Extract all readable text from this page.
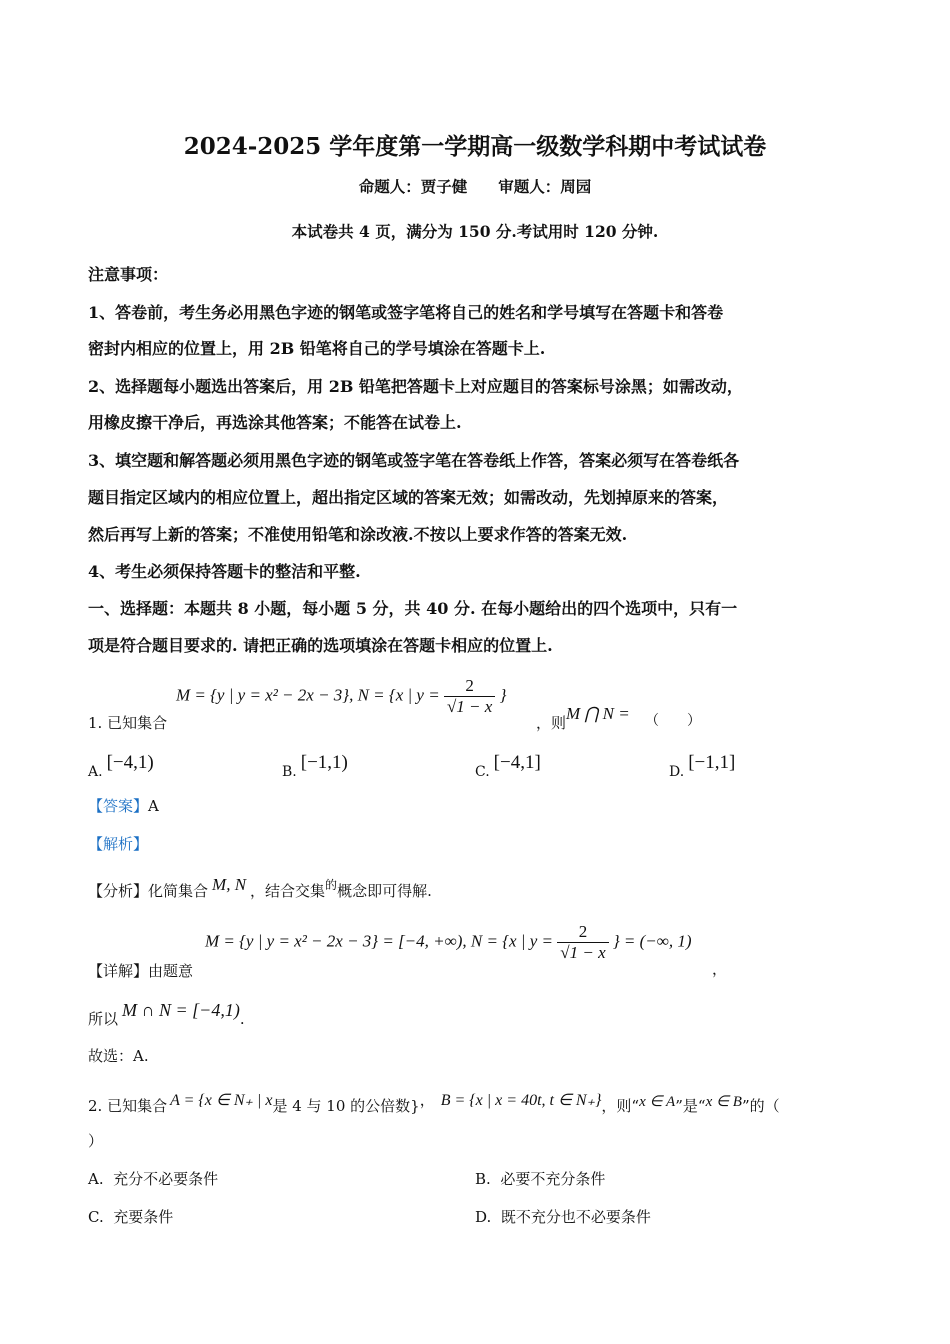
2024-2025 学年度第一学期高一级数学科期中考试试卷
命题人：贾子健　　审题人：周园
本试卷共 4 页，满分为 150 分.考试用时 120 分钟.
注意事项：
1、答卷前，考生务必用黑色字迹的钢笔或签字笔将自己的姓名和学号填写在答题卡和答卷
密封内相应的位置上，用 2B 铅笔将自己的学号填涂在答题卡上.
2、选择题每小题选出答案后，用 2B 铅笔把答题卡上对应题目的答案标号涂黑；如需改动，
用橡皮擦干净后，再选涂其他答案；不能答在试卷上.
3、填空题和解答题必须用黑色字迹的钢笔或签字笔在答卷纸上作答，答案必须写在答卷纸各
题目指定区域内的相应位置上，超出指定区域的答案无效；如需改动，先划掉原来的答案，
然后再写上新的答案；不准使用铅笔和涂改液.不按以上要求作答的答案无效.
4、考生必须保持答题卡的整洁和平整.
一、选择题：本题共 8 小题，每小题 5 分，共 40 分. 在每小题给出的四个选项中，只有一
项是符合题目要求的. 请把正确的选项填涂在答题卡相应的位置上.
1. 已知集合
M = {y | y = x² − 2x − 3}, N = {x | $y = \frac{2}{√1 - x}$ }
，则 M ⋂ N = （　　）
A. [−4,1)	B. [−1,1)	C. [−4,1]	D. [−1,1]
【答案】A
【解析】
【分析】化简集合 M, N ，结合交集$^的$概念即可得解.
【详解】由题意
M = {y | y = x² − 2x − 3} = [−4, +∞), N = {x | $y = \frac{2}{√1 - x}$ } = (−∞, 1)
，
所以 M ∩ N = [−4,1).
故选：A.
2. 已知集合 A = {x ∈ N₊ | x是 4 与 10 的公倍数}， B = {x | x = 40t, t ∈ N₊}，则“x ∈ A”是“x ∈ B”的（
）
A. 充分不必要条件	B. 必要不充分条件
C. 充要条件	D. 既不充分也不必要条件
